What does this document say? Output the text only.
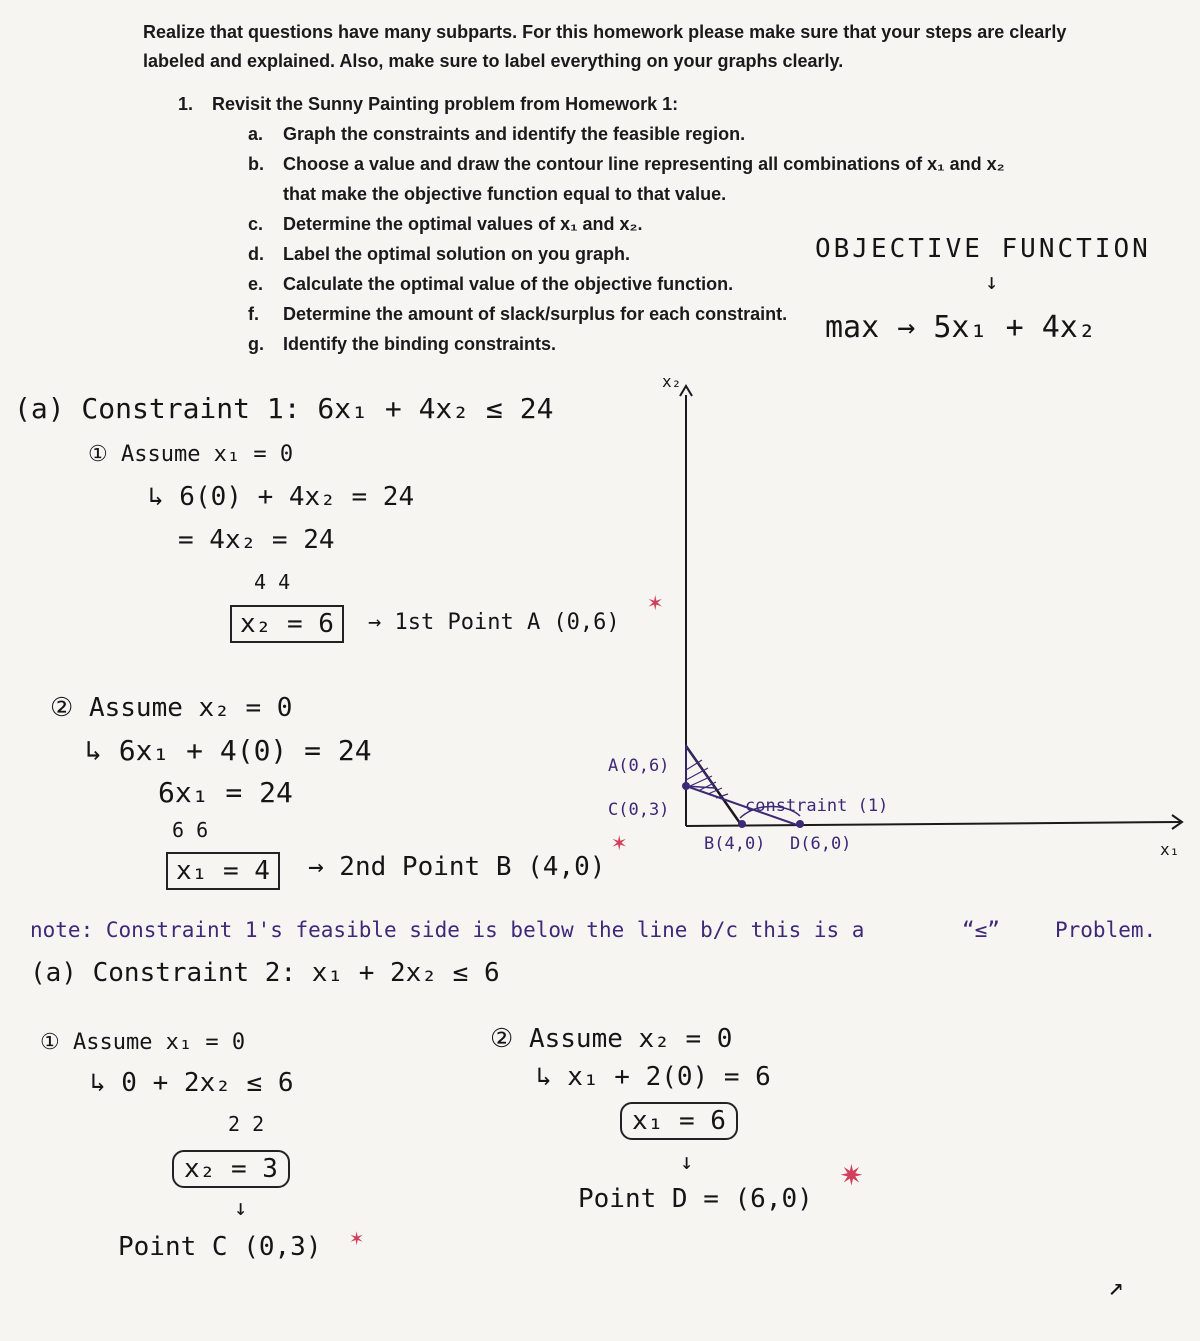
Realize that questions have many subparts. For this homework please make sure that your steps are clearly labeled and explained. Also, make sure to label everything on your graphs clearly.
1. Revisit the Sunny Painting problem from Homework 1:
a. Graph the constraints and identify the feasible region.
b. Choose a value and draw the contour line representing all combinations of x₁ and x₂
that make the objective function equal to that value.
c. Determine the optimal values of x₁ and x₂.
d. Label the optimal solution on you graph.
e. Calculate the optimal value of the objective function.
f. Determine the amount of slack/surplus for each constraint.
g. Identify the binding constraints.
OBJECTIVE FUNCTION
↓
max → 5x₁ + 4x₂
(a) Constraint 1: 6x₁ + 4x₂ ≤ 24
① Assume x₁ = 0
↳ 6(0) + 4x₂ = 24
= 4x₂ = 24
4 4
x₂ = 6	→ 1st Point A (0,6)
✶
② Assume x₂ = 0
↳ 6x₁ + 4(0) = 24
6x₁ = 24
6 6
x₁ = 4	→ 2nd Point B (4,0)
✶
x₂
x₁
A(0,6)
C(0,3)	constraint (1)
B(4,0) D(6,0)
note: Constraint 1's feasible side is below the line b/c this is a	“≤”	Problem.
(a) Constraint 2: x₁ + 2x₂ ≤ 6
① Assume x₁ = 0
↳ 0 + 2x₂ ≤ 6
2 2
x₂ = 3
↓
Point C (0,3) ✶
② Assume x₂ = 0
↳ x₁ + 2(0) = 6
x₁ = 6
↓
Point D = (6,0)
✷
↗
